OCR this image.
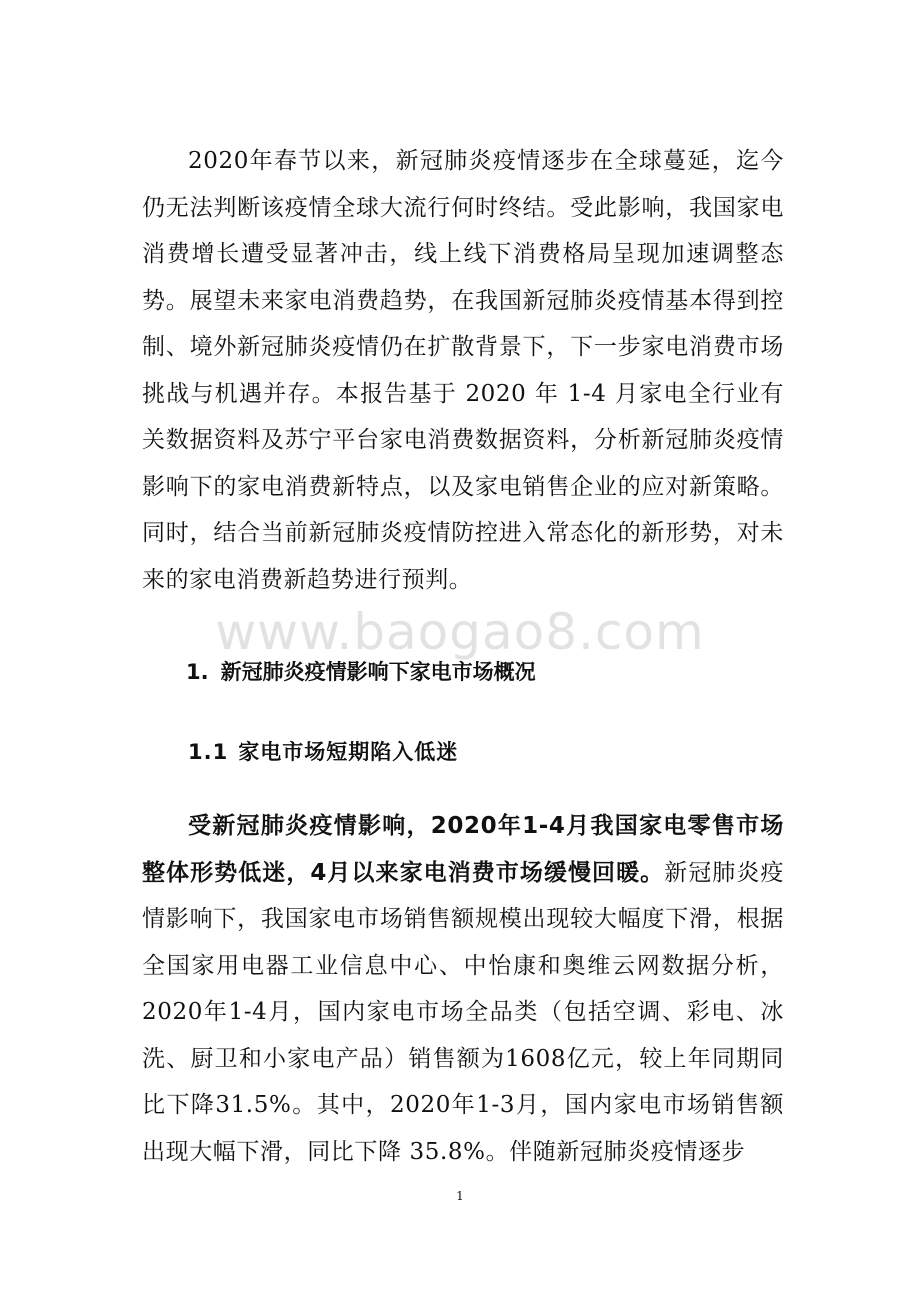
2020年春节以来，新冠肺炎疫情逐步在全球蔓延，迄今仍无法判断该疫情全球大流行何时终结。受此影响，我国家电消费增长遭受显著冲击，线上线下消费格局呈现加速调整态势。展望未来家电消费趋势，在我国新冠肺炎疫情基本得到控制、境外新冠肺炎疫情仍在扩散背景下，下一步家电消费市场挑战与机遇并存。本报告基于 2020 年 1-4 月家电全行业有关数据资料及苏宁平台家电消费数据资料，分析新冠肺炎疫情影响下的家电消费新特点，以及家电销售企业的应对新策略。同时，结合当前新冠肺炎疫情防控进入常态化的新形势，对未来的家电消费新趋势进行预判。

www.baogao8.com
1. 新冠肺炎疫情影响下家电市场概况
1.1 家电市场短期陷入低迷

受新冠肺炎疫情影响，2020年1-4月我国家电零售市场整体形势低迷，4月以来家电消费市场缓慢回暖。新冠肺炎疫情影响下，我国家电市场销售额规模出现较大幅度下滑，根据全国家用电器工业信息中心、中怡康和奥维云网数据分析，2020年1-4月，国内家电市场全品类（包括空调、彩电、冰洗、厨卫和小家电产品）销售额为1608亿元，较上年同期同比下降31.5%。其中，2020年1-3月，国内家电市场销售额出现大幅下滑，同比下降 35.8%。伴随新冠肺炎疫情逐步

1
